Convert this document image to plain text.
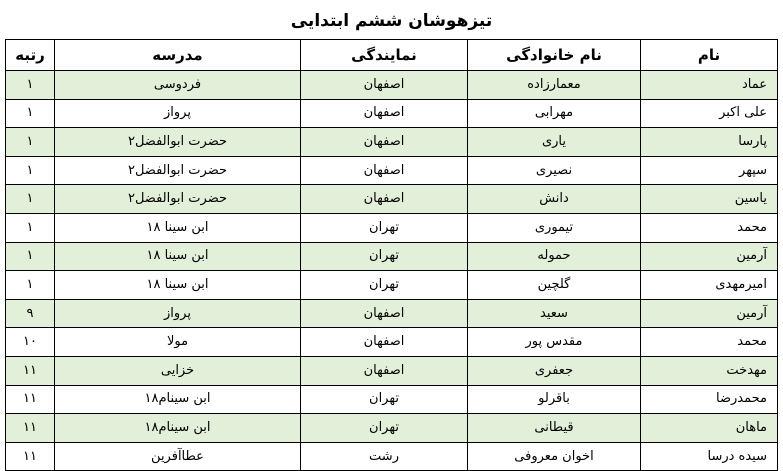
تیزهوشان ششم ابتدایی
نام	نام خانوادگی	نمایندگی	مدرسه	رتبه
عماد	معمارزاده	اصفهان	فردوسی	۱
علی اکبر	مهرابی	اصفهان	پرواز	۱
پارسا	یاری	اصفهان	حضرت ابوالفضل۲	۱
سپهر	نصیری	اصفهان	حضرت ابوالفضل۲	۱
یاسین	دانش	اصفهان	حضرت ابوالفضل۲	۱
محمد	تیموری	تهران	ابن سینا ۱۸	۱
آرمین	حموله	تهران	ابن سینا ۱۸	۱
امیرمهدی	گلچین	تهران	ابن سینا ۱۸	۱
آرمین	سعید	اصفهان	پرواز	۹
محمد	مقدس پور	اصفهان	مولا	۱۰
مهدخت	جعفری	اصفهان	خزایی	۱۱
محمدرضا	باقرلو	تهران	ابن سینام۱۸	۱۱
ماهان	قیطانی	تهران	ابن سینام۱۸	۱۱
سیده درسا	اخوان معروفی	رشت	عطاآفرین	۱۱
